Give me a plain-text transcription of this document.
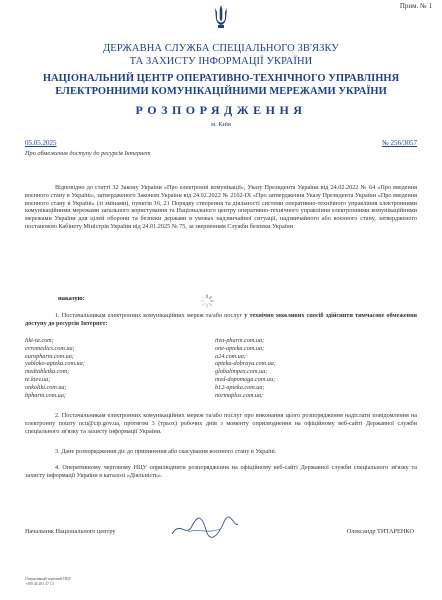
Прим. № 1
ДЕРЖАВНА СЛУЖБА СПЕЦІАЛЬНОГО ЗВ'ЯЗКУ
ТА ЗАХИСТУ ІНФОРМАЦІЇ УКРАЇНИ
НАЦІОНАЛЬНИЙ ЦЕНТР ОПЕРАТИВНО-ТЕХНІЧНОГО УПРАВЛІННЯ
ЕЛЕКТРОННИМИ КОМУНІКАЦІЙНИМИ МЕРЕЖАМИ УКРАЇНИ
РОЗПОРЯДЖЕННЯ
м. Київ
05.05.2025	№ 256/3057
Про обмеження доступу до ресурсів Інтернет
Відповідно до статті 32 Закону України «Про електронні комунікації», Указу Президента України від 24.02.2022 № 64 «Про введення воєнного стану в Україні», затвердженого Законом України від 24.02.2022 № 2102-IX «Про затвердження Указу Президента України «Про введення воєнного стану в Україні» (зі змінами), пунктів 16, 21 Порядку створення та діяльності системи оперативно-технічного управління електронними комунікаційними мережами загального користування та Національного центру оперативно-технічного управління електронними комунікаційними мережами України для цілей оборони та безпеки держави в умовах надзвичайної ситуації, надзвичайного або воєнного стану, затвердженого постановою Кабінету Міністрів України від 24.01.2025 № 75, за зверненням Служби безпеки України
наказую:
1. Постачальникам електронних комунікаційних мереж та/або послуг у технічно можливих спосіб здійснити тимчасове обмеження доступу до ресурсів Інтернет:
liki-ta.com;
evromedics.com.ua;
europharm.com.ua;
yabloko-apteka.com.ua;
medtabletka.com;
te.kiev.ua;
onkoliki.com.ua;
bpharm.com.ua;
itva-pharm.com.ua;
one-apteka.com.ua;
a24.com.ua;
apteka-dobraya.com.ua;
globalimpex.com.ua;
med-dopomoga.com.ua;
b12-apteka.com.ua;
normaplus.com.ua;
2. Постачальникам електронних комунікаційних мереж та/або послуг про виконання цього розпорядження надіслати повідомлення на електронну пошту ncu@cip.gov.ua, протягом 3 (трьох) робочих днів з моменту оприлюднення на офіційному веб-сайті Державної служби спеціального зв'язку та захисту інформації України.
3. Дане розпорядження діє до припинення або скасування воєнного стану в Україні.
4. Оперативному черговому НЦУ оприлюднити розпорядження на офіційному веб-сайті Державної служби спеціального зв'язку та захисту інформації України в каталозі «Діяльність».
Начальник Національного центру	Олександр ТИТАРЕНКО
Оперативний черговий НЦУ
+380 44 281 47 13
